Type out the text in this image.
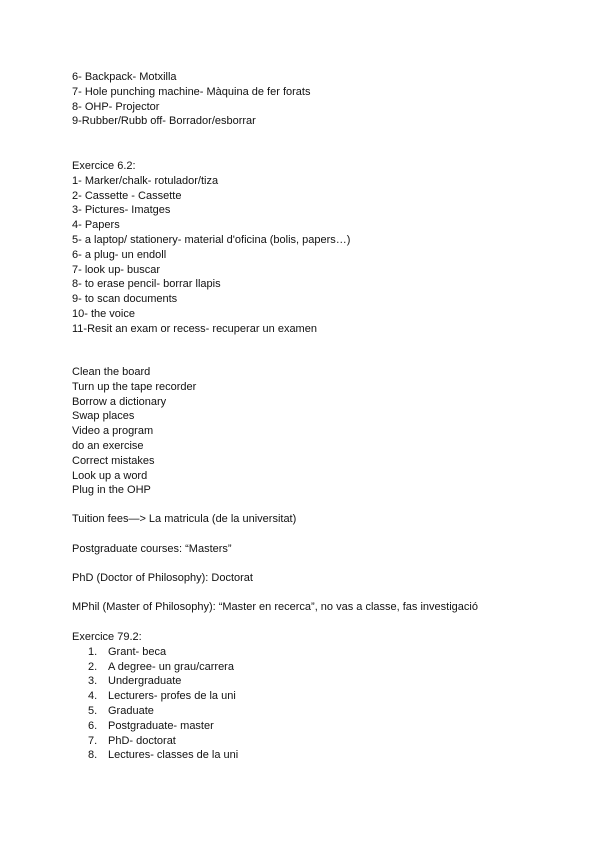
6- Backpack- Motxilla
7- Hole punching machine- Màquina de fer forats
8- OHP- Projector
9-Rubber/Rubb off- Borrador/esborrar
Exercice 6.2:
1- Marker/chalk- rotulador/tiza
2- Cassette - Cassette
3- Pictures- Imatges
4- Papers
5- a laptop/ stationery- material d'oficina (bolis, papers…)
6- a plug- un endoll
7- look up- buscar
8- to erase pencil- borrar llapis
9- to scan documents
10- the voice
11-Resit an exam or recess- recuperar un examen
Clean the board
Turn up the tape recorder
Borrow a dictionary
Swap places
Video a program
do an exercise
Correct mistakes
Look up a word
Plug in the OHP
Tuition fees—> La matricula (de la universitat)
Postgraduate courses: “Masters”
PhD (Doctor of Philosophy): Doctorat
MPhil (Master of Philosophy): “Master en recerca”, no vas a classe, fas investigació
Exercice 79.2:
1. Grant- beca
2. A degree- un grau/carrera
3. Undergraduate
4. Lecturers- profes de la uni
5. Graduate
6. Postgraduate- master
7. PhD- doctorat
8. Lectures- classes de la uni
